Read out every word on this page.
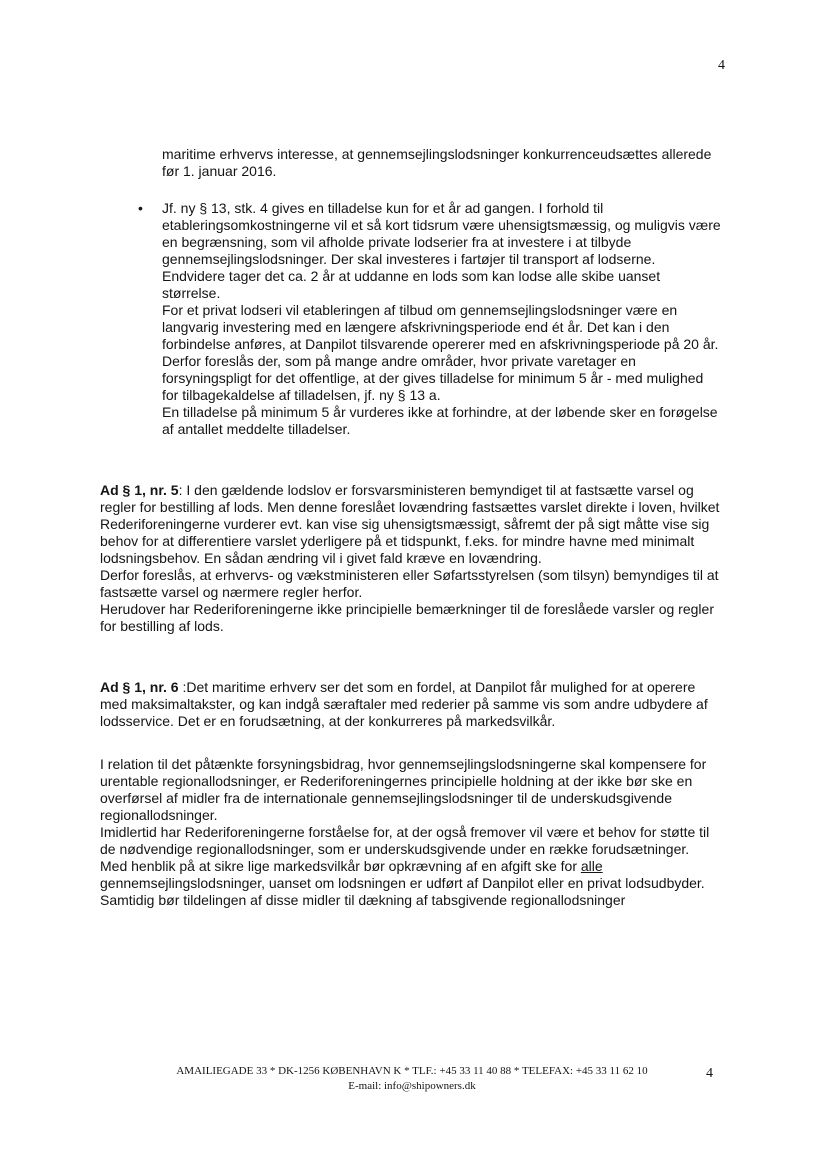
4

maritime erhvervs interesse, at gennemsejlingslodsninger konkurrenceudsættes allerede før 1. januar 2016.

• Jf. ny § 13, stk. 4 gives en tilladelse kun for et år ad gangen. I forhold til etableringsomkostningerne vil et så kort tidsrum være uhensigtsmæssig, og muligvis være en begrænsning, som vil afholde private lodserier fra at investere i at tilbyde gennemsejlingslodsninger. Der skal investeres i fartøjer til transport af lodserne. Endvidere tager det ca. 2 år at uddanne en lods som kan lodse alle skibe uanset størrelse.

For et privat lodseri vil etableringen af tilbud om gennemsejlingslodsninger være en langvarig investering med en længere afskrivningsperiode end ét år. Det kan i den forbindelse anføres, at Danpilot tilsvarende opererer med en afskrivningsperiode på 20 år.

Derfor foreslås der, som på mange andre områder, hvor private varetager en forsyningspligt for det offentlige, at der gives tilladelse for minimum 5 år - med mulighed for tilbagekaldelse af tilladelsen, jf. ny § 13 a.

En tilladelse på minimum 5 år vurderes ikke at forhindre, at der løbende sker en forøgelse af antallet meddelte tilladelser.

Ad § 1, nr. 5: I den gældende lodslov er forsvarsministeren bemyndiget til at fastsætte varsel og regler for bestilling af lods. Men denne foreslået lovændring fastsættes varslet direkte i loven, hvilket Rederiforeningerne vurderer evt. kan vise sig uhensigtsmæssigt, såfremt der på sigt måtte vise sig behov for at differentiere varslet yderligere på et tidspunkt, f.eks. for mindre havne med minimalt lodsningsbehov. En sådan ændring vil i givet fald kræve en lovændring.

Derfor foreslås, at erhvervs- og vækstministeren eller Søfartsstyrelsen (som tilsyn) bemyndiges til at fastsætte varsel og nærmere regler herfor.

Herudover har Rederiforeningerne ikke principielle bemærkninger til de foreslåede varsler og regler for bestilling af lods.

Ad § 1, nr. 6 :Det maritime erhverv ser det som en fordel, at Danpilot får mulighed for at operere med maksimaltakster, og kan indgå særaftaler med rederier på samme vis som andre udbydere af lodsservice. Det er en forudsætning, at der konkurreres på markedsvilkår.

I relation til det påtænkte forsyningsbidrag, hvor gennemsejlingslodsningerne skal kompensere for urentable regionallodsninger, er Rederiforeningernes principielle holdning at der ikke bør ske en overførsel af midler fra de internationale gennemsejlingslodsninger til de underskudsgivende regionallodsninger.

Imidlertid har Rederiforeningerne forståelse for, at der også fremover vil være et behov for støtte til de nødvendige regionallodsninger, som er underskudsgivende under en række forudsætninger.

Med henblik på at sikre lige markedsvilkår bør opkrævning af en afgift ske for alle gennemsejlingslodsninger, uanset om lodsningen er udført af Danpilot eller en privat lodsudbyder.

Samtidig bør tildelingen af disse midler til dækning af tabsgivende regionallodsninger

AMAILIEGADE 33 * DK-1256 KØBENHAVN K * TLF.: +45 33 11 40 88 * TELEFAX: +45 33 11 62 10
E-mail: info@shipowners.dk
4
